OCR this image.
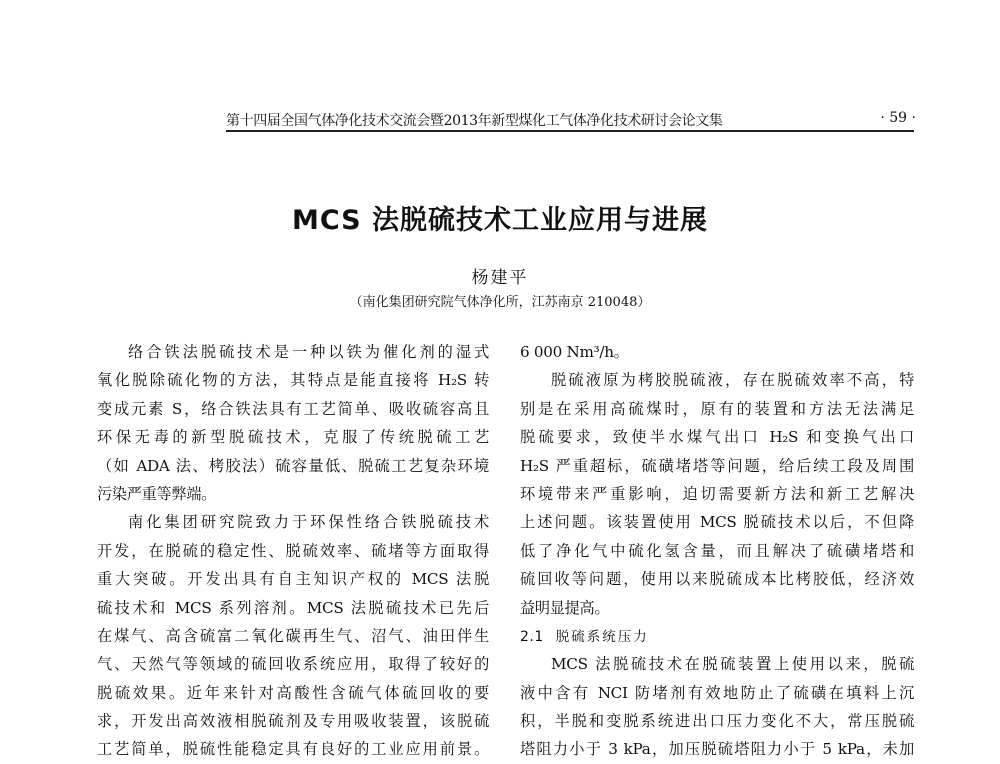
第十四届全国气体净化技术交流会暨2013年新型煤化工气体净化技术研讨会论文集	· 59 ·
MCS 法脱硫技术工业应用与进展
杨建平
（南化集团研究院气体净化所，江苏南京 210048）
络合铁法脱硫技术是一种以铁为催化剂的湿式
氧化脱除硫化物的方法，其特点是能直接将 H₂S 转
变成元素 S，络合铁法具有工艺简单、吸收硫容高且
环保无毒的新型脱硫技术，克服了传统脱硫工艺
（如 ADA 法、栲胶法）硫容量低、脱硫工艺复杂环境
污染严重等弊端。
南化集团研究院致力于环保性络合铁脱硫技术
开发，在脱硫的稳定性、脱硫效率、硫堵等方面取得
重大突破。开发出具有自主知识产权的 MCS 法脱
硫技术和 MCS 系列溶剂。MCS 法脱硫技术已先后
在煤气、高含硫富二氧化碳再生气、沼气、油田伴生
气、天然气等领域的硫回收系统应用，取得了较好的
脱硫效果。近年来针对高酸性含硫气体硫回收的要
求，开发出高效液相脱硫剂及专用吸收装置，该脱硫
工艺简单，脱硫性能稳定具有良好的工业应用前景。
6 000 Nm³/h。
脱硫液原为栲胶脱硫液，存在脱硫效率不高，特
别是在采用高硫煤时，原有的装置和方法无法满足
脱硫要求，致使半水煤气出口 H₂S 和变换气出口
H₂S 严重超标，硫磺堵塔等问题，给后续工段及周围
环境带来严重影响，迫切需要新方法和新工艺解决
上述问题。该装置使用 MCS 脱硫技术以后，不但降
低了净化气中硫化氢含量，而且解决了硫磺堵塔和
硫回收等问题，使用以来脱硫成本比栲胶低，经济效
益明显提高。
2.1 脱硫系统压力
MCS 法脱硫技术在脱硫装置上使用以来，脱硫
液中含有 NCI 防堵剂有效地防止了硫磺在填料上沉
积，半脱和变脱系统进出口压力变化不大，常压脱硫
塔阻力小于 3 kPa，加压脱硫塔阻力小于 5 kPa，未加
